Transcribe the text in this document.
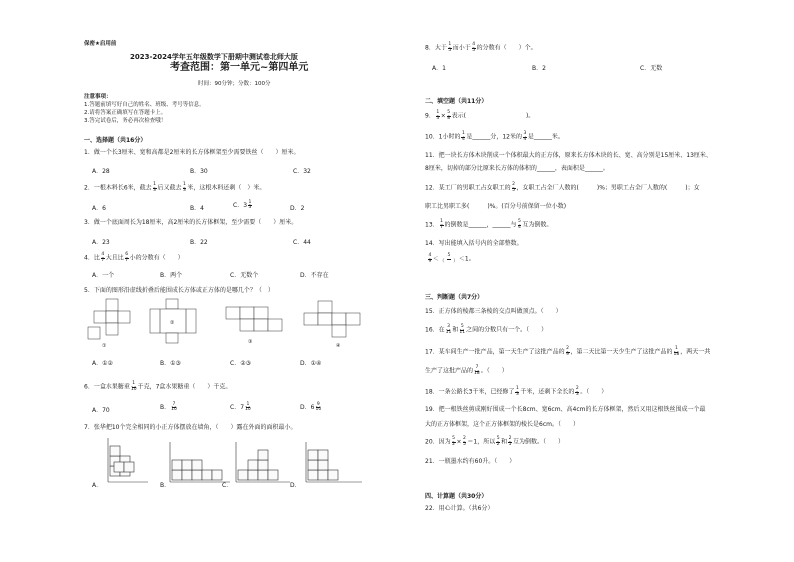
保密★启用前
2023-2024学年五年级数学下册期中测试卷北师大版
考查范围：第一单元~第四单元
时间：90分钟；分数：100分
注意事项：
1.答题前填写好自己的姓名、班级、考号等信息。
2.请将答案正确填写在答题卡上。
3.答完试卷后，务必再次检查哦！
一、选择题（共16分）
1．做一个长3厘米、宽和高都是2厘米的长方体框架至少需要铁丝（　　）厘米。
A．28	B．30	C．32
2．一根木料长6米，截去 $\frac{1}{3}$ 后又截去 $\frac{1}{3}$ 米，这根木料还剩（　）米。
A．6	B．4	C．$3 \frac{1}{3}$	D．2
3．做一个底面周长为18厘米，高2厘米的长方体框架，至少需要（　　）厘米。
A．23	B．22	C．44
4．比 $\frac{4}{7}$ 大且比 $\frac{6}{7}$ 小的分数有（　　）
A．一个	B．两个	C．无数个	D．不存在
5．下面的图形沿虚线折叠后能围成长方体或正方体的是哪几个？（　）
①
②
③
④
A．①②	B．①③	C．②③	D．①④
6．一盒水果糖重 $\frac{1}{10}$ 千克，7盒水果糖重（　　）千克。
A．70	B． $\frac{7}{10}$	C．$7 \frac{1}{10}$	D．$6 \frac{9}{10}$
7．张华把10个完全相同的小正方体摆放在墙角，（　　）露在外面的面积最小。
A．	B．	C．	D．
8．大于 $\frac{1}{5}$ 而小于 $\frac{4}{5}$ 的分数有（　　）个。
A．1	B．2	C．无数
二、填空题（共11分）
9． $\frac{1}{3} \times \frac{5}{8}$ 表示(　　　　　　　　　　)。
10．1小时的 $\frac{1}{4}$ 是______分，12米的 $\frac{3}{4}$ 是______米。
11．把一块长方体木块削成一个体积最大的正方体，原来长方体木块的长、宽、高分别是15厘米、13厘米、
8厘米，切掉的部分比原来长方体的体积的______，表面积是______。
12．某工厂的男职工占女职工的 $\frac{2}{5}$ ，女职工占全厂人数的(　　　)%；男职工占全厂人数的(　　　)；女
职工比男职工多(　　　)%。(百分号前保留一位小数)
13． $\frac{1}{7}$ 的倒数是______，______与 $\frac{5}{4}$ 互为倒数。
14．写出能填入括号内的全部整数。
$\frac{4}{9} < \frac{5}{( )} <1$。
三、判断题（共7分）
15．正方体的棱都三条棱的交点叫做顶点。（　　）
16．在 $\frac{3}{11}$ 和 $\frac{5}{11}$ 之间的分数只有一个。（　　）
17．某车间生产一批产品，第一天生产了这批产品的 $\frac{2}{9}$ ，第二天比第一天少生产了这批产品的 $\frac{1}{18}$ ，两天一共
生产了这批产品的 $\frac{7}{18}$ 。（　　）
18．一条公路长3千米，已经修了 $\frac{1}{3}$ 千米，还剩下全长的 $\frac{2}{3}$ 。（　　）
19．把一根铁丝剪成刚好围成一个长8cm、宽6cm、高4cm的长方体框架，然后又用这根铁丝围成一个最
大的正方体框架，这个正方体框架的棱长是6cm。（　　）
20．因为 $\frac{5}{2} \times \frac{2}{5} =1$，所以 $\frac{5}{2}$ 和 $\frac{2}{5}$ 互为倒数。（　　）
21．一瓶墨水约有60升。（　　）
四、计算题（共30分）
22．用心计算。（共6分）
